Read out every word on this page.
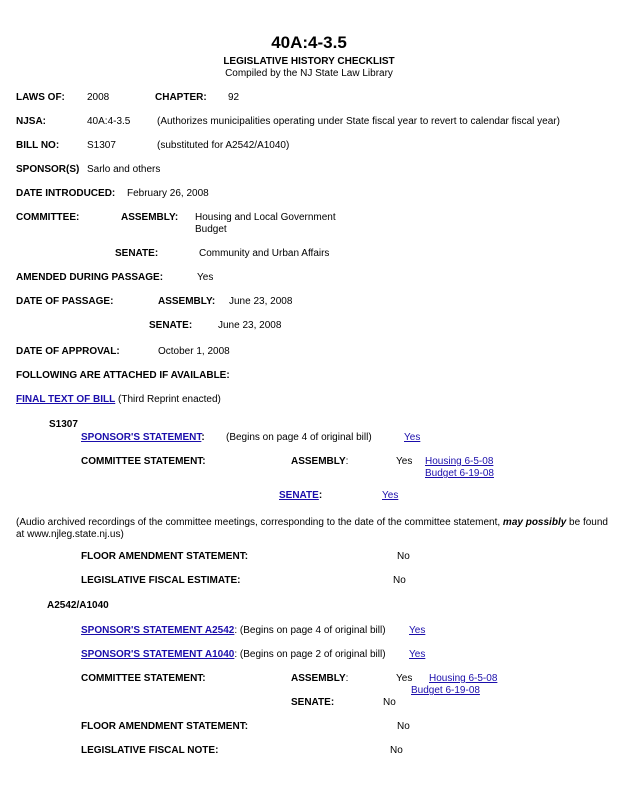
40A:4-3.5
LEGISLATIVE HISTORY CHECKLIST
Compiled by the NJ State Law Library
LAWS OF: 2008	CHAPTER: 92
NJSA:	40A:4-3.5	(Authorizes municipalities operating under State fiscal year to revert to calendar fiscal year)
BILL NO:	S1307	(substituted for A2542/A1040)
SPONSOR(S) Sarlo and others
DATE INTRODUCED: February 26, 2008
COMMITTEE:	ASSEMBLY: Housing and Local Government
Budget
SENATE:	Community and Urban Affairs
AMENDED DURING PASSAGE:	Yes
DATE OF PASSAGE:	ASSEMBLY: June 23, 2008
SENATE:	June 23, 2008
DATE OF APPROVAL:	October 1, 2008
FOLLOWING ARE ATTACHED IF AVAILABLE:
FINAL TEXT OF BILL (Third Reprint enacted)
S1307
SPONSOR'S STATEMENT: (Begins on page 4 of original bill)	Yes
COMMITTEE STATEMENT:	ASSEMBLY:	Yes Housing 6-5-08
Budget 6-19-08
SENATE:	Yes
(Audio archived recordings of the committee meetings, corresponding to the date of the committee statement, may possibly be found
at www.njleg.state.nj.us)
FLOOR AMENDMENT STATEMENT:	No
LEGISLATIVE FISCAL ESTIMATE:	No
A2542/A1040
SPONSOR'S STATEMENT A2542: (Begins on page 4 of original bill) Yes
SPONSOR'S STATEMENT A1040: (Begins on page 2 of original bill) Yes
COMMITTEE STATEMENT:	ASSEMBLY:	Yes Housing 6-5-08
Budget 6-19-08
SENATE:	No
FLOOR AMENDMENT STATEMENT:	No
LEGISLATIVE FISCAL NOTE:	No
